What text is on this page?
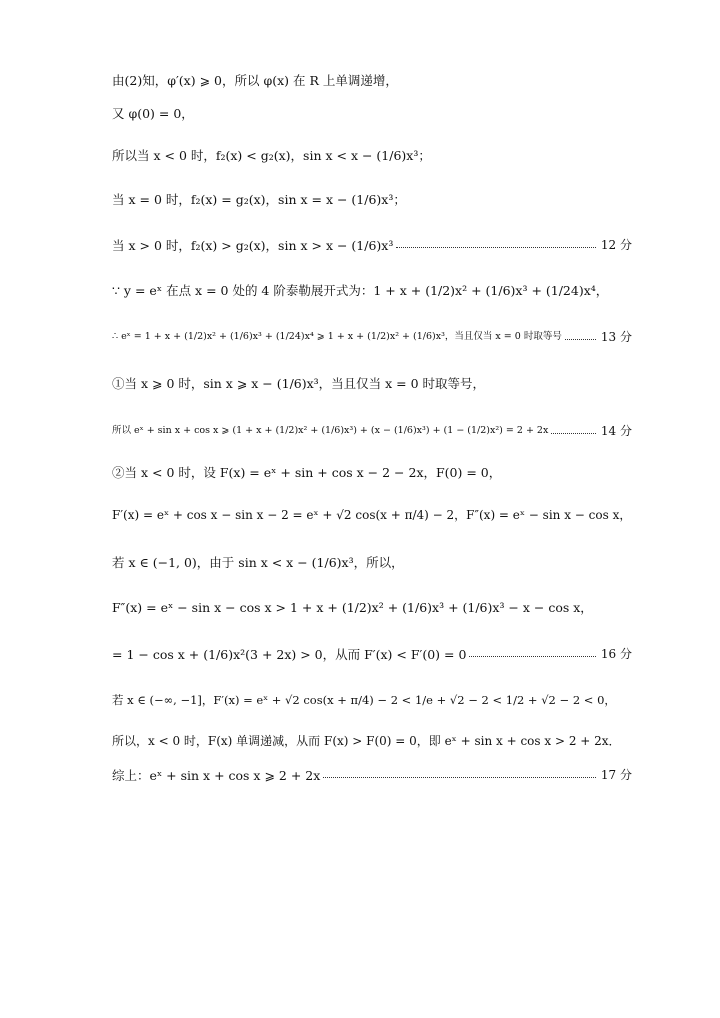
由(2)知，φ′(x) ⩾ 0，所以 φ(x) 在 R 上单调递增，
又 φ(0) = 0，
所以当 x < 0 时，f₂(x) < g₂(x)，sin x < x − (1/6)x³；
当 x = 0 时，f₂(x) = g₂(x)，sin x = x − (1/6)x³；
当 x > 0 时，f₂(x) > g₂(x)，sin x > x − (1/6)x³	12 分
∵ y = eˣ 在点 x = 0 处的 4 阶泰勒展开式为：1 + x + (1/2)x² + (1/6)x³ + (1/24)x⁴，
∴ eˣ = 1 + x + (1/2)x² + (1/6)x³ + (1/24)x⁴ ⩾ 1 + x + (1/2)x² + (1/6)x³，当且仅当 x = 0 时取等号	13 分
①当 x ⩾ 0 时，sin x ⩾ x − (1/6)x³，当且仅当 x = 0 时取等号，
所以 eˣ + sin x + cos x ⩾ (1 + x + (1/2)x² + (1/6)x³) + (x − (1/6)x³) + (1 − (1/2)x²) = 2 + 2x	14 分
②当 x < 0 时，设 F(x) = eˣ + sin + cos x − 2 − 2x，F(0) = 0，
F′(x) = eˣ + cos x − sin x − 2 = eˣ + √2 cos(x + π/4) − 2，F″(x) = eˣ − sin x − cos x，
若 x ∈ (−1, 0)，由于 sin x < x − (1/6)x³，所以，
F″(x) = eˣ − sin x − cos x > 1 + x + (1/2)x² + (1/6)x³ + (1/6)x³ − x − cos x，
= 1 − cos x + (1/6)x²(3 + 2x) > 0，从而 F′(x) < F′(0) = 0	16 分
若 x ∈ (−∞, −1]，F′(x) = eˣ + √2 cos(x + π/4) − 2 < 1/e + √2 − 2 < 1/2 + √2 − 2 < 0，
所以，x < 0 时，F(x) 单调递减，从而 F(x) > F(0) = 0，即 eˣ + sin x + cos x > 2 + 2x．
综上：eˣ + sin x + cos x ⩾ 2 + 2x	17 分
